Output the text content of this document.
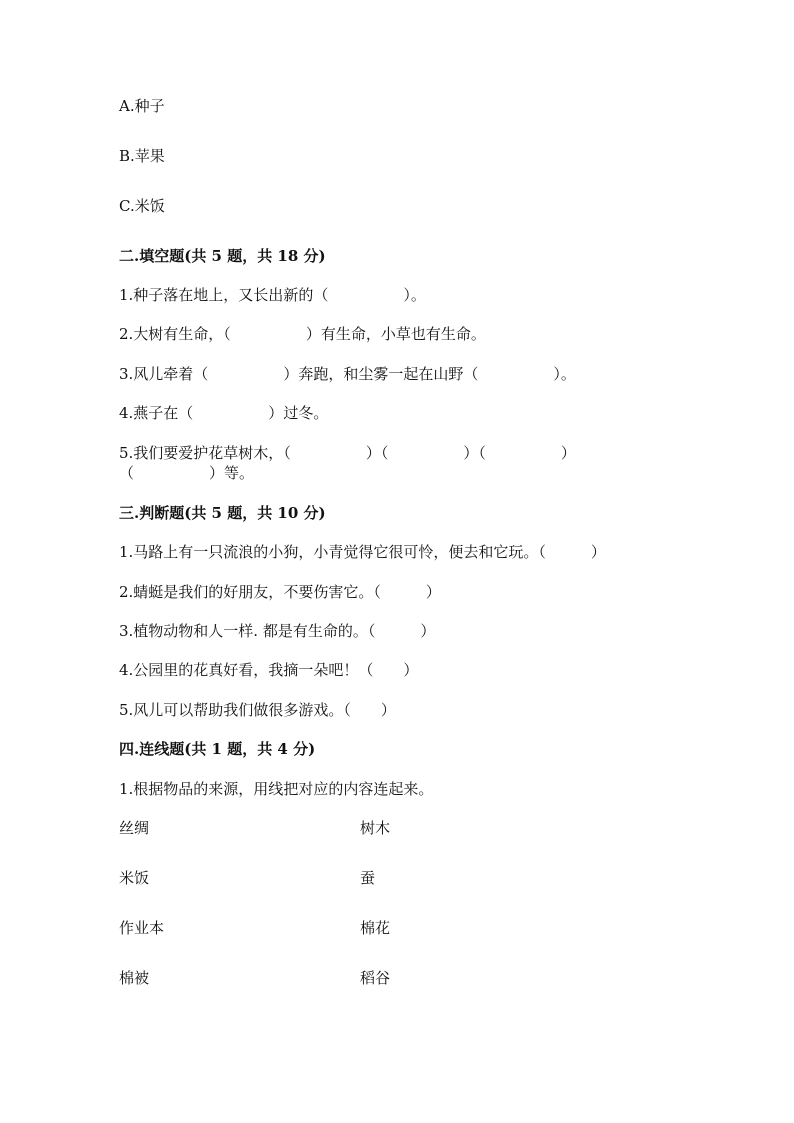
A.种子
B.苹果
C.米饭
二.填空题(共 5 题，共 18 分)
1.种子落在地上，又长出新的（　　　　　）。
2.大树有生命，（　　　　　）有生命，小草也有生命。
3.风儿牵着（　　　　　）奔跑，和尘雾一起在山野（　　　　　）。
4.燕子在（　　　　　）过冬。
5.我们要爱护花草树木，（　　　　　）（　　　　　）（　　　　　）
（　　　　　）等。
三.判断题(共 5 题，共 10 分)
1.马路上有一只流浪的小狗，小青觉得它很可怜，便去和它玩。（　　　）
2.蜻蜓是我们的好朋友，不要伤害它。（　　　）
3.植物动物和人一样. 都是有生命的。（　　　）
4.公园里的花真好看，我摘一朵吧！（　　）
5.风儿可以帮助我们做很多游戏。（　　）
四.连线题(共 1 题，共 4 分)
1.根据物品的来源，用线把对应的内容连起来。
丝绸	树木
米饭	蚕
作业本	棉花
棉被	稻谷
